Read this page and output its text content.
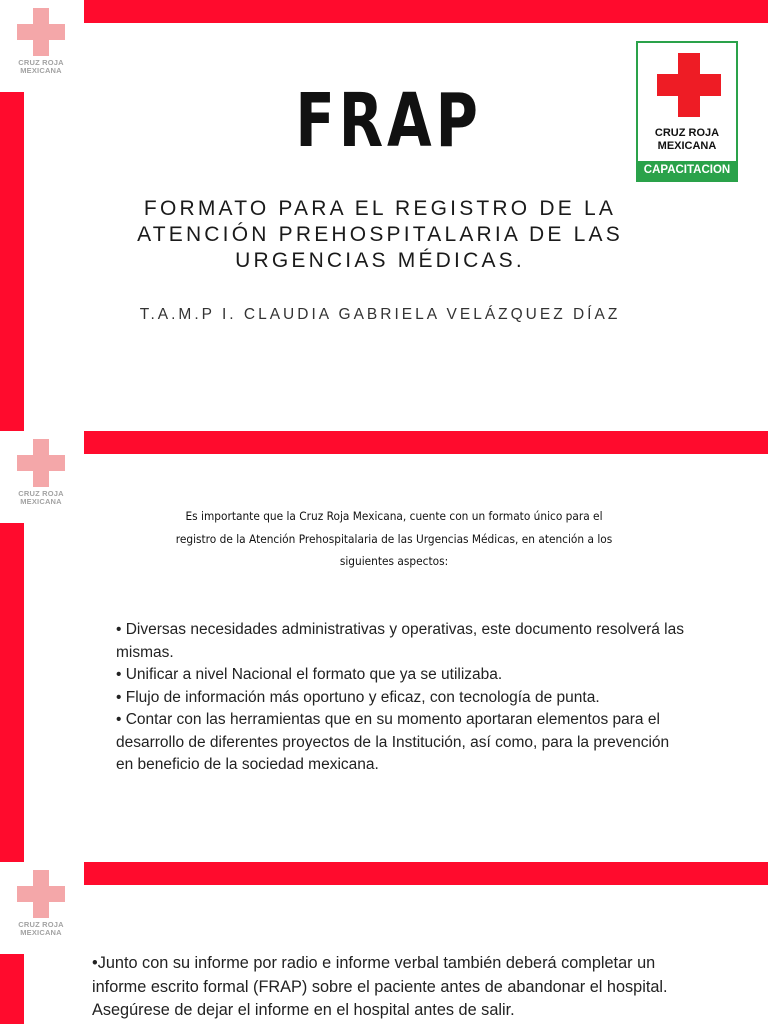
CRUZ ROJA
MEXICANA
FRAP
FORMATO PARA EL REGISTRO DE LA
ATENCIÓN PREHOSPITALARIA DE LAS
URGENCIAS MÉDICAS.
T.A.M.P I. CLAUDIA GABRIELA VELÁZQUEZ DÍAZ
CRUZ ROJA
MEXICANA
CAPACITACION
CRUZ ROJA
MEXICANA
Es importante que la Cruz Roja Mexicana, cuente con un formato único para el
registro de la Atención Prehospitalaria de las Urgencias Médicas, en atención a los
siguientes aspectos:
• Diversas necesidades administrativas y operativas, este documento resolverá las
mismas.
• Unificar a nivel Nacional el formato que ya se utilizaba.
• Flujo de información más oportuno y eficaz, con tecnología de punta.
• Contar con las herramientas que en su momento aportaran elementos para el
desarrollo de diferentes proyectos de la Institución, así como, para la prevención
en beneficio de la sociedad mexicana.
CRUZ ROJA
MEXICANA
•Junto con su informe por radio e informe verbal también deberá completar un
informe escrito formal (FRAP) sobre el paciente antes de abandonar el hospital.
Asegúrese de dejar el informe en el hospital antes de salir.
